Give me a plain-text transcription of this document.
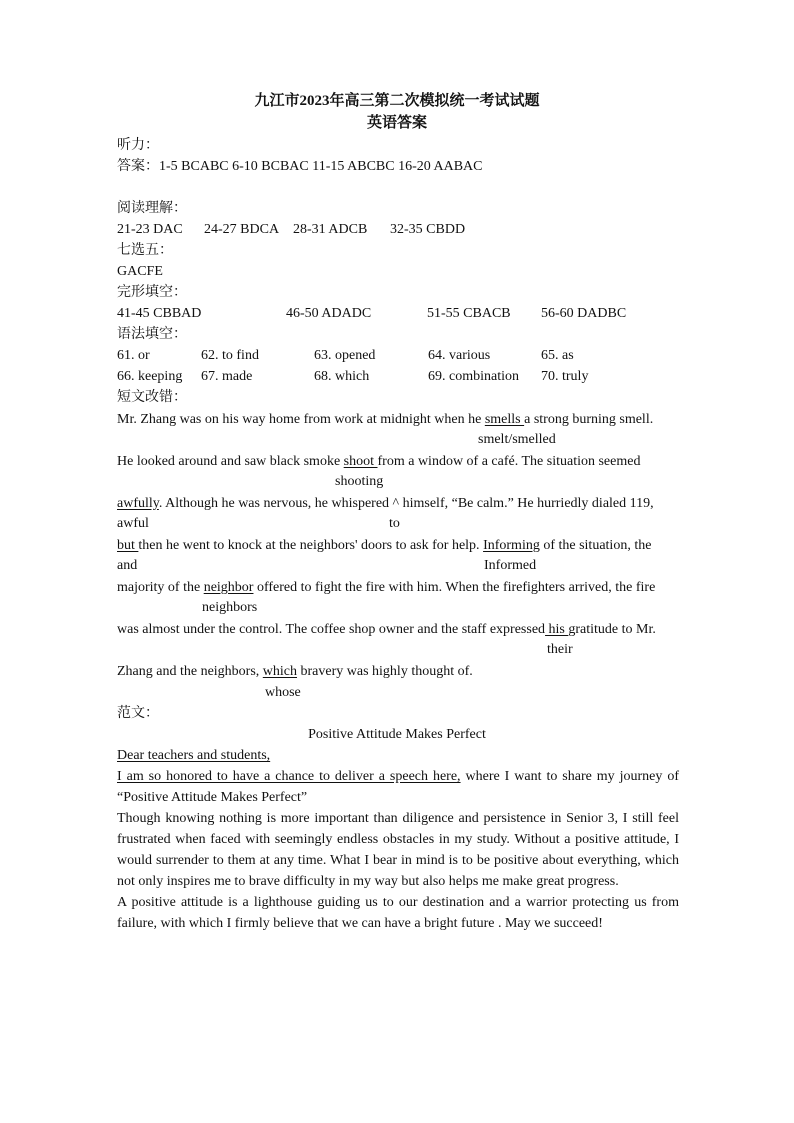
九江市2023年高三第二次模拟统一考试试题
英语答案
听力：
答案：1-5 BCABC 6-10 BCBAC 11-15 ABCBC 16-20 AABAC
阅读理解：
21-23 DAC 24-27 BDCA 28-31 ADCB 32-35 CBDD
七选五：
GACFE
完形填空：
41-45 CBBAD	46-50 ADADC	51-55 CBACB 56-60 DADBC
语法填空：
61. or	62. to find	63. opened	64. various	65. as
66. keeping 67. made	68. which	69. combination 70. truly
短文改错：
Mr. Zhang was on his way home from work at midnight when he smells a strong burning smell.
smelt/smelled
He looked around and saw black smoke shoot from a window of a café. The situation seemed
shooting
awfully. Although he was nervous, he whispered ^ himself, “Be calm.” He hurriedly dialed 119,
awful	to
but then he went to knock at the neighbors' doors to ask for help. Informing of the situation, the
and	Informed
majority of the neighbor offered to fight the fire with him. When the firefighters arrived, the fire
neighbors
was almost under the control. The coffee shop owner and the staff expressed his gratitude to Mr.
their
Zhang and the neighbors, which bravery was highly thought of.
whose
范文：
Positive Attitude Makes Perfect
Dear teachers and students,
I am so honored to have a chance to deliver a speech here, where I want to share my journey of “Positive Attitude Makes Perfect”
Though knowing nothing is more important than diligence and persistence in Senior 3, I still feel frustrated when faced with seemingly endless obstacles in my study. Without a positive attitude, I would surrender to them at any time. What I bear in mind is to be positive about everything, which not only inspires me to brave difficulty in my way but also helps me make great progress.
A positive attitude is a lighthouse guiding us to our destination and a warrior protecting us from failure, with which I firmly believe that we can have a bright future . May we succeed!
